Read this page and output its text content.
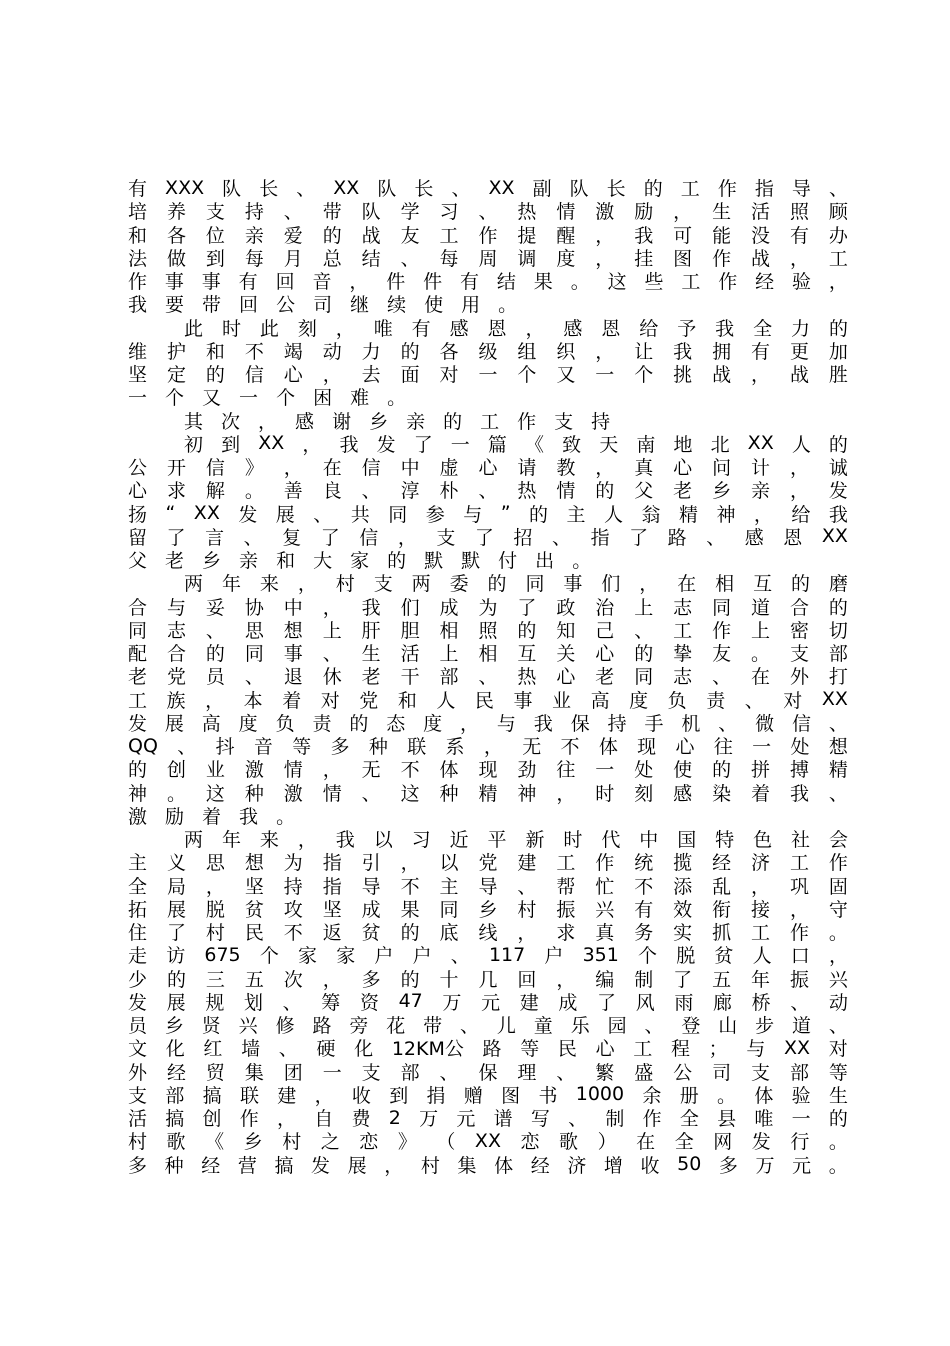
有 XXX 队 长 、 XX 队 长 、 XX 副 队 长 的 工 作 指 导 、
培 养 支 持 、 带 队 学 习 、 热 情 激 励 ， 生 活 照 顾
和 各 位 亲 爱 的 战 友 工 作 提 醒 ， 我 可 能 没 有 办
法 做 到 每 月 总 结 、 每 周 调 度 ， 挂 图 作 战 ， 工
作 事 事 有 回 音 ， 件 件 有 结 果 。 这 些 工 作 经 验 ，
我 要 带 回 公 司 继 续 使 用 。
此 时 此 刻 ， 唯 有 感 恩 ， 感 恩 给 予 我 全 力 的
维 护 和 不 竭 动 力 的 各 级 组 织 ， 让 我 拥 有 更 加
坚 定 的 信 心 ， 去 面 对 一 个 又 一 个 挑 战 ， 战 胜
一 个 又 一 个 困 难 。
其 次 ， 感 谢 乡 亲 的 工 作 支 持
初 到 XX ， 我 发 了 一 篇 《 致 天 南 地 北 XX 人 的
公 开 信 》 ， 在 信 中 虚 心 请 教 ， 真 心 问 计 ， 诚
心 求 解 。 善 良 、 淳 朴 、 热 情 的 父 老 乡 亲 ， 发
扬 “ XX 发 展 、 共 同 参 与 ” 的 主 人 翁 精 神 ， 给 我
留 了 言 、 复 了 信 ， 支 了 招 、 指 了 路 、 感 恩 XX
父 老 乡 亲 和 大 家 的 默 默 付 出 。
两 年 来 ， 村 支 两 委 的 同 事 们 ， 在 相 互 的 磨
合 与 妥 协 中 ， 我 们 成 为 了 政 治 上 志 同 道 合 的
同 志 、 思 想 上 肝 胆 相 照 的 知 己 、 工 作 上 密 切
配 合 的 同 事 、 生 活 上 相 互 关 心 的 挚 友 。 支 部
老 党 员 、 退 休 老 干 部 、 热 心 老 同 志 、 在 外 打
工 族 ， 本 着 对 党 和 人 民 事 业 高 度 负 责 、 对 XX
发 展 高 度 负 责 的 态 度 ， 与 我 保 持 手 机 、 微 信 、
QQ 、 抖 音 等 多 种 联 系 ， 无 不 体 现 心 往 一 处 想
的 创 业 激 情 ， 无 不 体 现 劲 往 一 处 使 的 拼 搏 精
神 。 这 种 激 情 、 这 种 精 神 ， 时 刻 感 染 着 我 、
激 励 着 我 。
两 年 来 ， 我 以 习 近 平 新 时 代 中 国 特 色 社 会
主 义 思 想 为 指 引 ， 以 党 建 工 作 统 揽 经 济 工 作
全 局 ， 坚 持 指 导 不 主 导 、 帮 忙 不 添 乱 ， 巩 固
拓 展 脱 贫 攻 坚 成 果 同 乡 村 振 兴 有 效 衔 接 ， 守
住 了 村 民 不 返 贫 的 底 线 ， 求 真 务 实 抓 工 作 。
走 访 675 个 家 家 户 户 、 117 户 351 个 脱 贫 人 口 ，
少 的 三 五 次 ， 多 的 十 几 回 ， 编 制 了 五 年 振 兴
发 展 规 划 、 筹 资 47 万 元 建 成 了 风 雨 廊 桥 、 动
员 乡 贤 兴 修 路 旁 花 带 、 儿 童 乐 园 、 登 山 步 道 、
文 化 红 墙 、 硬 化 12KM公 路 等 民 心 工 程 ； 与 XX 对
外 经 贸 集 团 一 支 部 、 保 理 、 繁 盛 公 司 支 部 等
支 部 搞 联 建 ， 收 到 捐 赠 图 书 1000 余 册 。 体 验 生
活 搞 创 作 ， 自 费 2 万 元 谱 写 、 制 作 全 县 唯 一 的
村 歌 《 乡 村 之 恋 》 （ XX 恋 歌 ） 在 全 网 发 行 。
多 种 经 营 搞 发 展 ， 村 集 体 经 济 增 收 50 多 万 元 。
